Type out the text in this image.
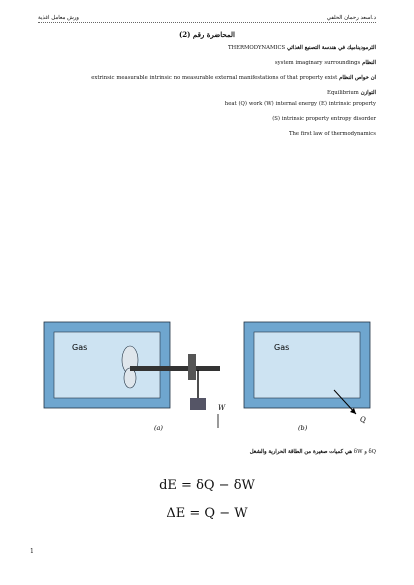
د.اسعد رحمان الحلفي
ورش معامل اغذية
المحاضرة رقم (2)

الثرموديناميك في هندسة التصنيع الغذائي THERMODYNAMICS

النظام system imaginary surroundings

ان خواص النظام extrinsic measurable intrinsic no measurable external manifestations of that property exist

التوازن Equilibrium

heat (Q) work (W) internal energy (E) intrinsic property

(S) intrinsic property entropy disorder

The first law of thermodynamics

Gas
W
(a)
Gas
Q
(b)
δW و δQ هي كميات صغيرة من الطاقة الحرارية والشغل
dE = δQ − δW
ΔE = Q − W
1
